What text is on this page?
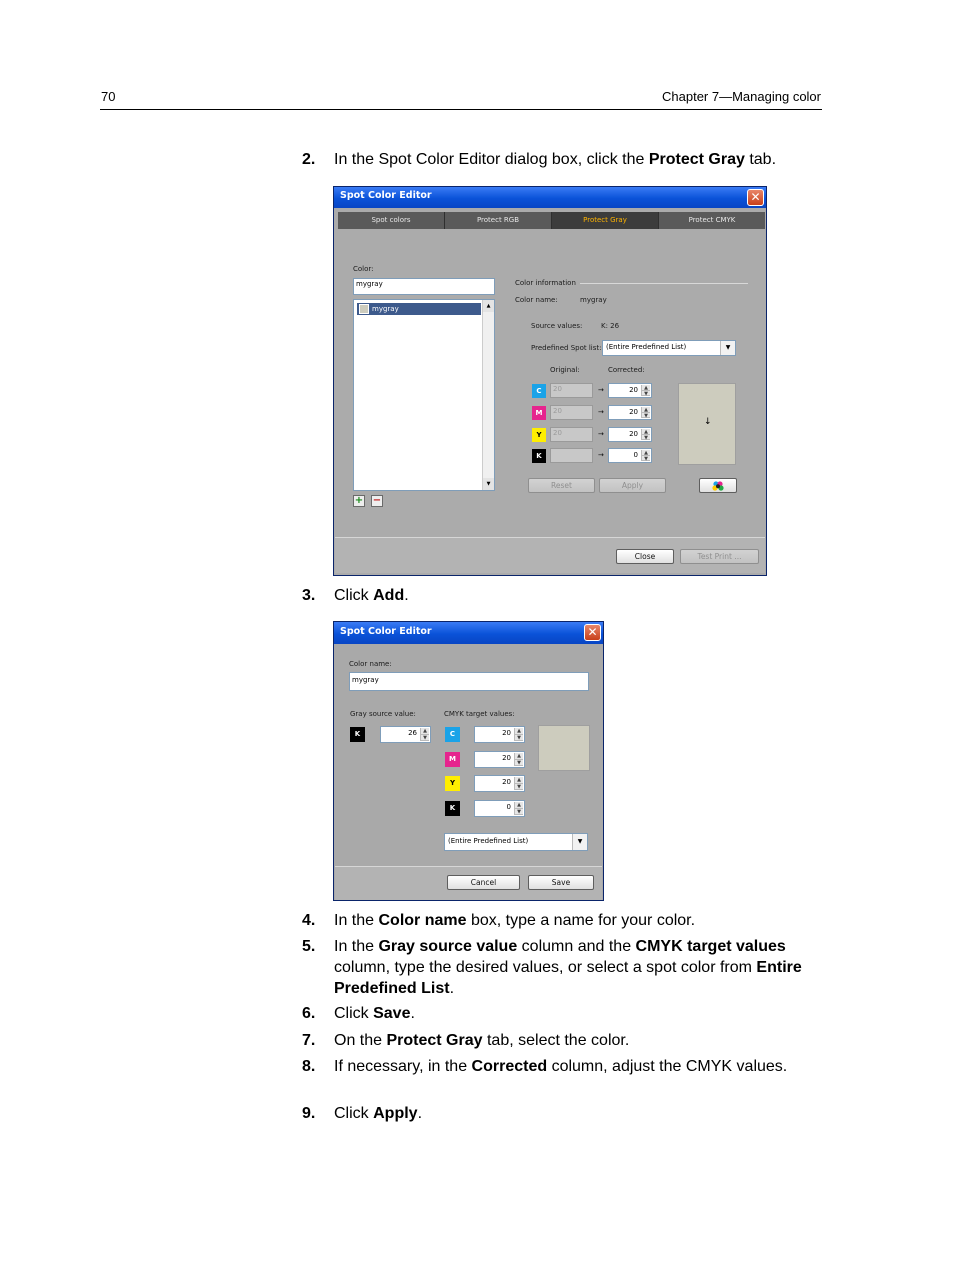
70	Chapter 7—Managing color
2. In the Spot Color Editor dialog box, click the Protect Gray tab.
Spot Color Editor	✕
Spot colors	Protect RGB	Protect Gray	Protect CMYK
Color:
mygray
mygray	▲
▼
+ −
Color information
Color name:	mygray
Source values:	K: 26
Predefined Spot list: (Entire Predefined List)	▼
Original:	Corrected:
C	20	→	20	▲
▼
M	20	→	20	▲
▼
Y	20	→	20	▲
▼
K	→	0	▲
▼
↓
Reset	Apply
Close	Test Print ...
3. Click Add.
Spot Color Editor	✕
Color name:
mygray
Gray source value:
K	26	▲
▼
CMYK target values:
C	20	▲
▼
M	20	▲
▼
Y	20	▲
▼
K	0	▲
▼
(Entire Predefined List)	▼
Cancel	Save
4. In the Color name box, type a name for your color.
5. In the Gray source value column and the CMYK target values column, type the desired values, or select a spot color from Entire Predefined List.
6. Click Save.
7. On the Protect Gray tab, select the color.
8. If necessary, in the Corrected column, adjust the CMYK values.
9. Click Apply.
